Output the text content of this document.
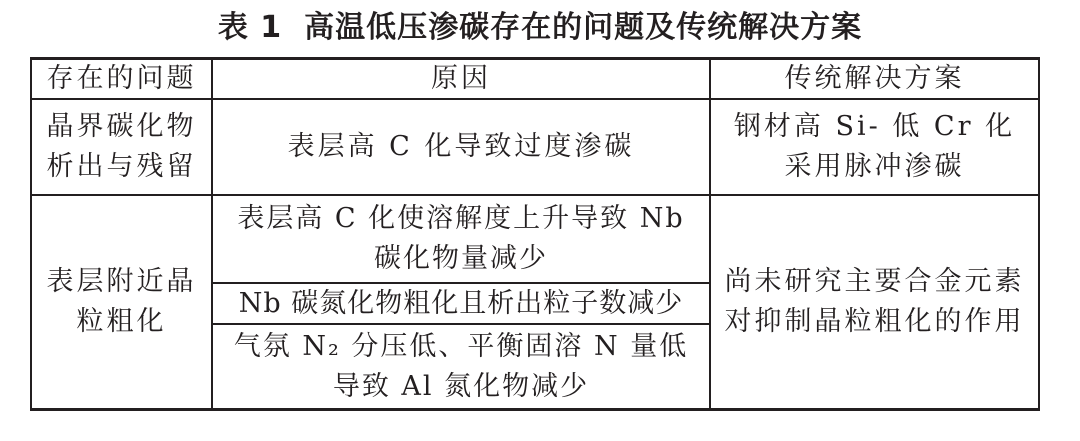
表 1 高温低压渗碳存在的问题及传统解决方案
存在的问题	原因	传统解决方案
晶界碳化物
析出与残留
表层高 C 化导致过度渗碳
钢材高 Si- 低 Cr 化
采用脉冲渗碳
表层附近晶
粒粗化
表层高 C 化使溶解度上升导致 Nb
碳化物量减少
Nb 碳氮化物粗化且析出粒子数减少
气氛 N₂ 分压低、平衡固溶 N 量低
导致 Al 氮化物减少
尚未研究主要合金元素
对抑制晶粒粗化的作用
